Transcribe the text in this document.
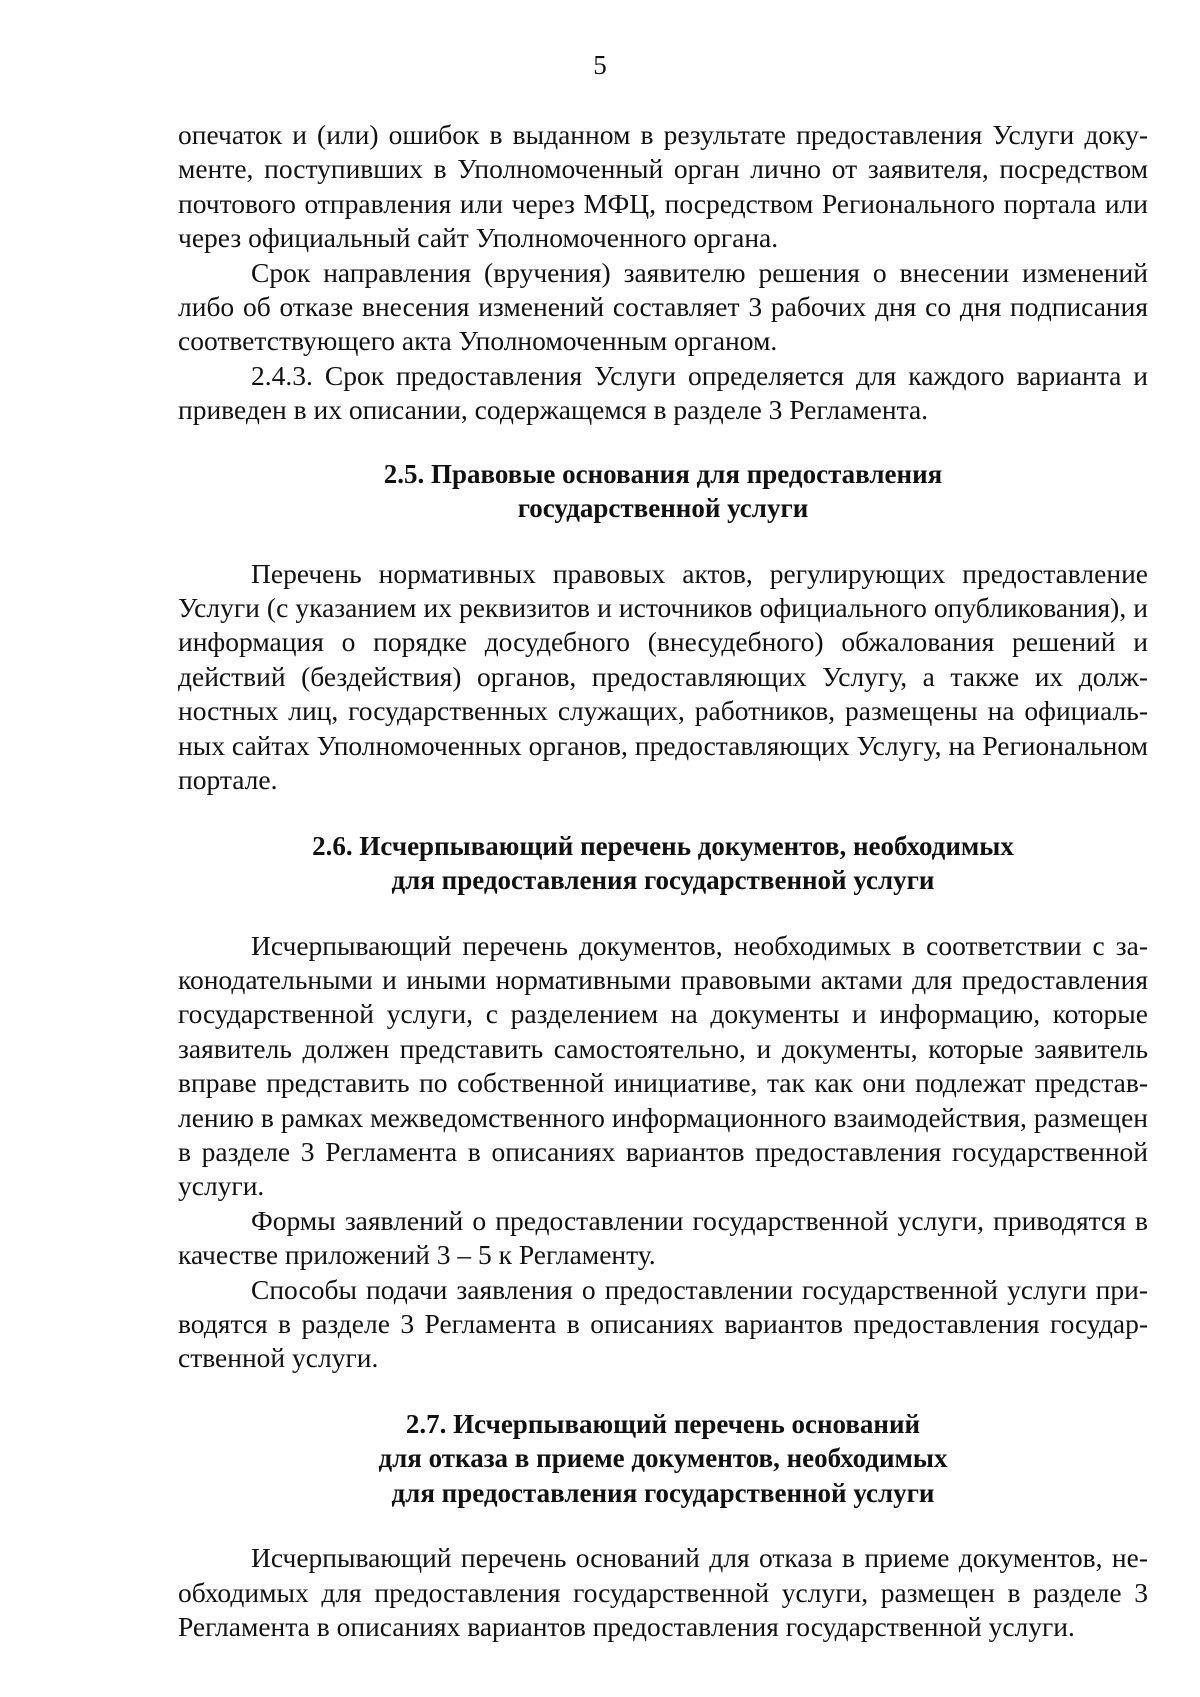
5

опечаток и (или) ошибок в выданном в результате предоставления Услуги документе, поступивших в Уполномоченный орган лично от заявителя, посредством почтового отправления или через МФЦ, посредством Регионального портала или через официальный сайт Уполномоченного органа.

Срок направления (вручения) заявителю решения о внесении изменений либо об отказе внесения изменений составляет 3 рабочих дня со дня подписания соответствующего акта Уполномоченным органом.

2.4.3. Срок предоставления Услуги определяется для каждого варианта и приведен в их описании, содержащемся в разделе 3 Регламента.

2.5. Правовые основания для предоставления
государственной услуги

Перечень нормативных правовых актов, регулирующих предоставление Услуги (с указанием их реквизитов и источников официального опубликования), и информация о порядке досудебного (внесудебного) обжалования решений и действий (бездействия) органов, предоставляющих Услугу, а также их должностных лиц, государственных служащих, работников, размещены на официальных сайтах Уполномоченных органов, предоставляющих Услугу, на Региональном портале.

2.6. Исчерпывающий перечень документов, необходимых
для предоставления государственной услуги

Исчерпывающий перечень документов, необходимых в соответствии с законодательными и иными нормативными правовыми актами для предоставления государственной услуги, с разделением на документы и информацию, которые заявитель должен представить самостоятельно, и документы, которые заявитель вправе представить по собственной инициативе, так как они подлежат представлению в рамках межведомственного информационного взаимодействия, размещен в разделе 3 Регламента в описаниях вариантов предоставления государственной услуги.

Формы заявлений о предоставлении государственной услуги, приводятся в качестве приложений 3 – 5 к Регламенту.

Способы подачи заявления о предоставлении государственной услуги приводятся в разделе 3 Регламента в описаниях вариантов предоставления государственной услуги.

2.7. Исчерпывающий перечень оснований
для отказа в приеме документов, необходимых
для предоставления государственной услуги

Исчерпывающий перечень оснований для отказа в приеме документов, необходимых для предоставления государственной услуги, размещен в разделе 3 Регламента в описаниях вариантов предоставления государственной услуги.
